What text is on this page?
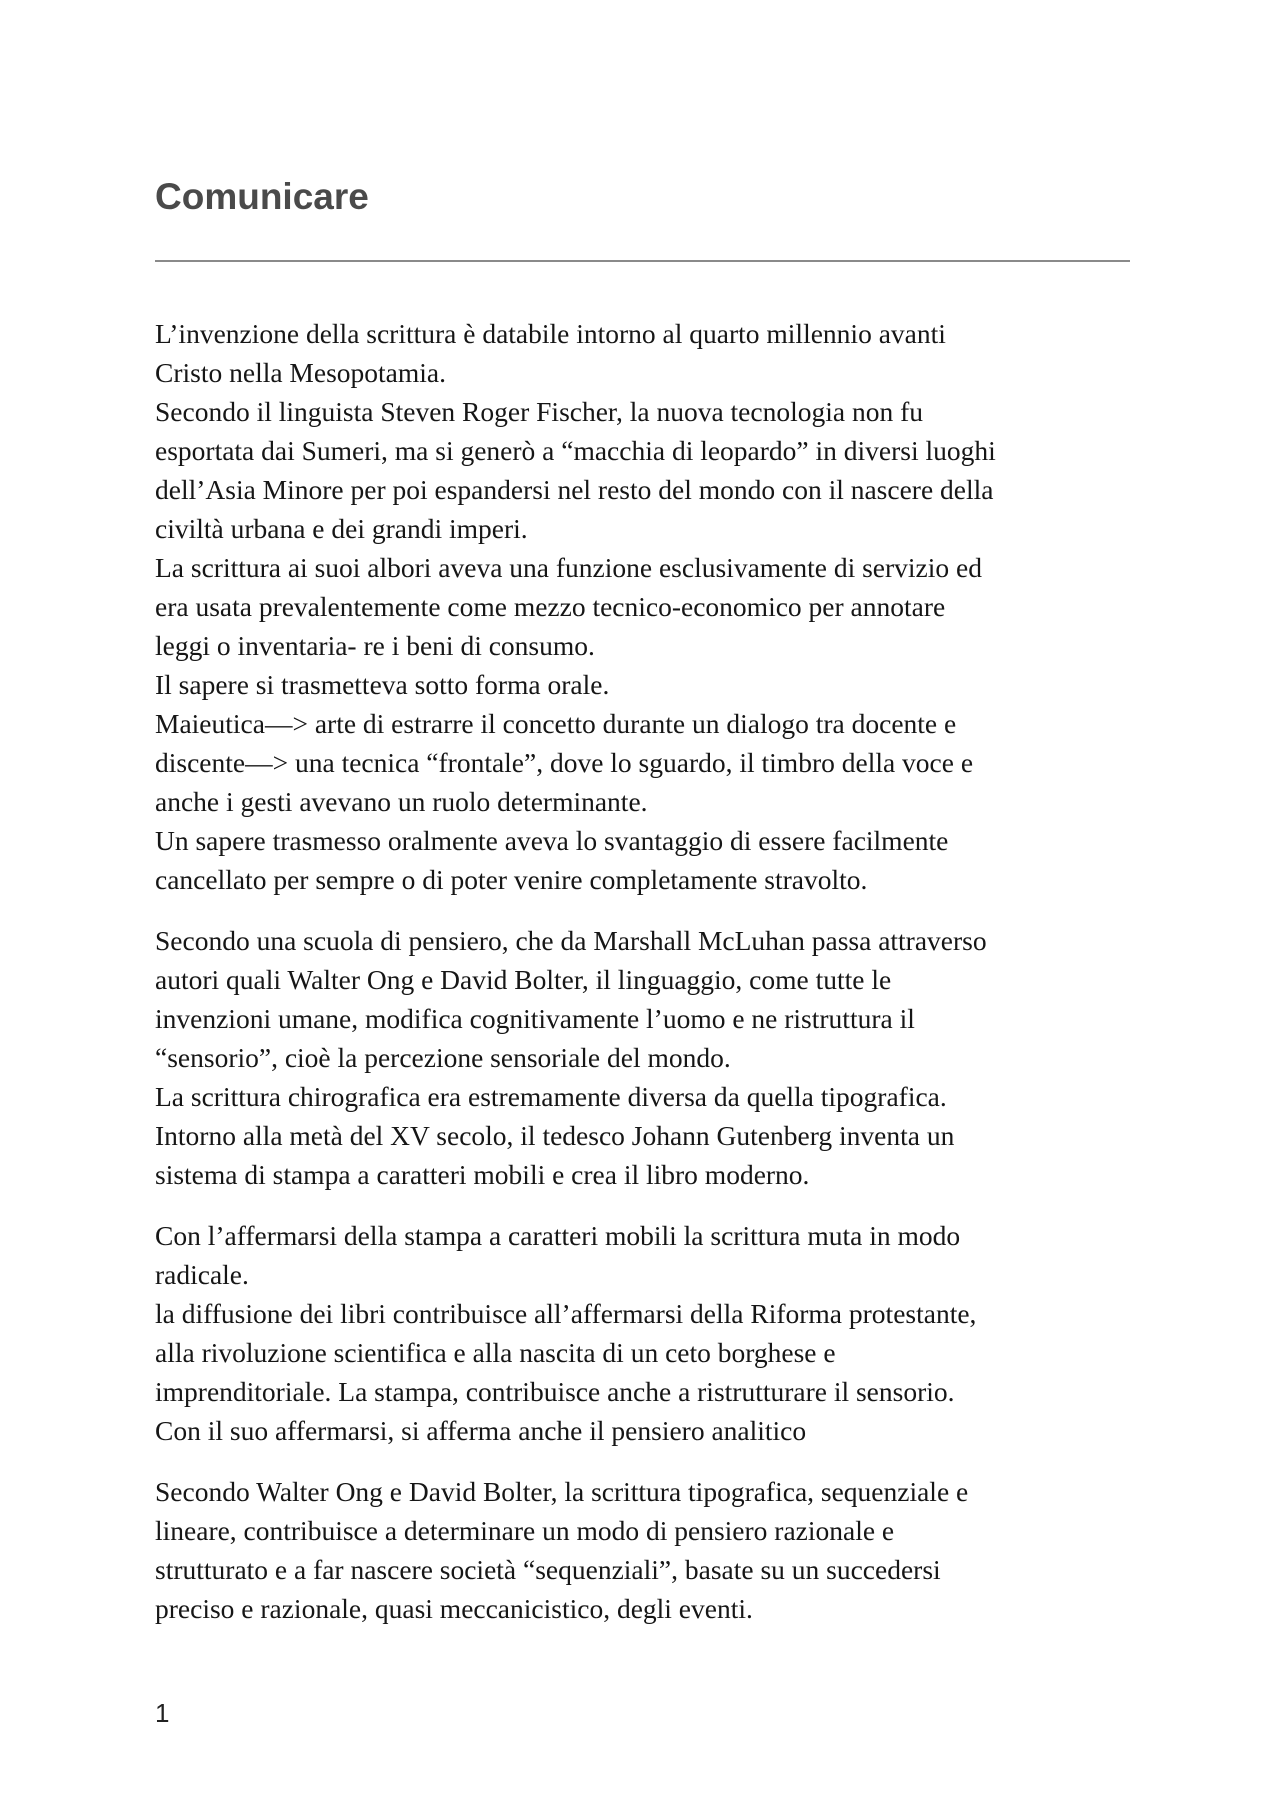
Comunicare

L’invenzione della scrittura è databile intorno al quarto millennio avanti
Cristo nella Mesopotamia.
Secondo il linguista Steven Roger Fischer, la nuova tecnologia non fu
esportata dai Sumeri, ma si generò a “macchia di leopardo” in diversi luoghi
dell’Asia Minore per poi espandersi nel resto del mondo con il nascere della
civiltà urbana e dei grandi imperi.
La scrittura ai suoi albori aveva una funzione esclusivamente di servizio ed
era usata prevalentemente come mezzo tecnico-economico per annotare
leggi o inventaria- re i beni di consumo.
Il sapere si trasmetteva sotto forma orale.
Maieutica—> arte di estrarre il concetto durante un dialogo tra docente e
discente—> una tecnica “frontale”, dove lo sguardo, il timbro della voce e
anche i gesti avevano un ruolo determinante.
Un sapere trasmesso oralmente aveva lo svantaggio di essere facilmente
cancellato per sempre o di poter venire completamente stravolto.

Secondo una scuola di pensiero, che da Marshall McLuhan passa attraverso
autori quali Walter Ong e David Bolter, il linguaggio, come tutte le
invenzioni umane, modifica cognitivamente l’uomo e ne ristruttura il
“sensorio”, cioè la percezione sensoriale del mondo.
La scrittura chirografica era estremamente diversa da quella tipografica.
Intorno alla metà del XV secolo, il tedesco Johann Gutenberg inventa un
sistema di stampa a caratteri mobili e crea il libro moderno.

Con l’affermarsi della stampa a caratteri mobili la scrittura muta in modo
radicale.
la diffusione dei libri contribuisce all’affermarsi della Riforma protestante,
alla rivoluzione scientifica e alla nascita di un ceto borghese e
imprenditoriale. La stampa, contribuisce anche a ristrutturare il sensorio.
Con il suo affermarsi, si afferma anche il pensiero analitico

Secondo Walter Ong e David Bolter, la scrittura tipografica, sequenziale e
lineare, contribuisce a determinare un modo di pensiero razionale e
strutturato e a far nascere società “sequenziali”, basate su un succedersi
preciso e razionale, quasi meccanicistico, degli eventi.

1
